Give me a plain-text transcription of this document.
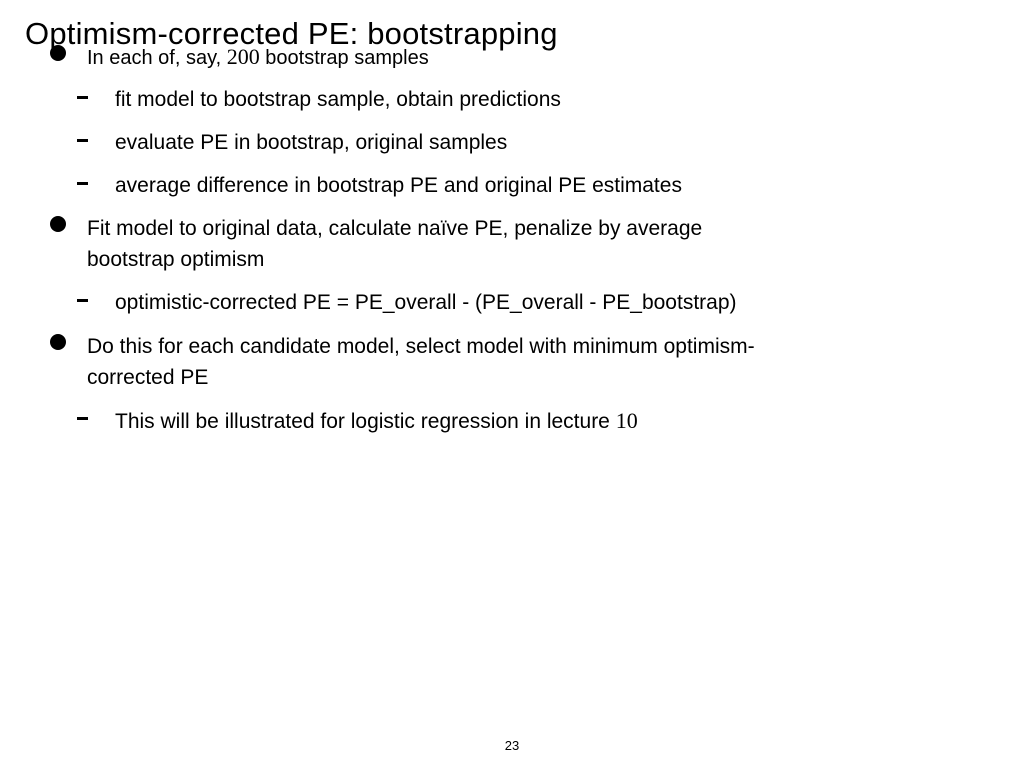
In each of, say, 200 bootstrap samples
fit model to bootstrap sample, obtain predictions
evaluate PE in bootstrap, original samples
average difference in bootstrap PE and original PE estimates
Fit model to original data, calculate naïve PE, penalize by average
bootstrap optimism
optimistic-corrected PE = PE_overall - (PE_overall - PE_bootstrap)
Do this for each candidate model, select model with minimum optimism-
corrected PE
This will be illustrated for logistic regression in lecture 10
Optimism-corrected PE: bootstrapping
23
